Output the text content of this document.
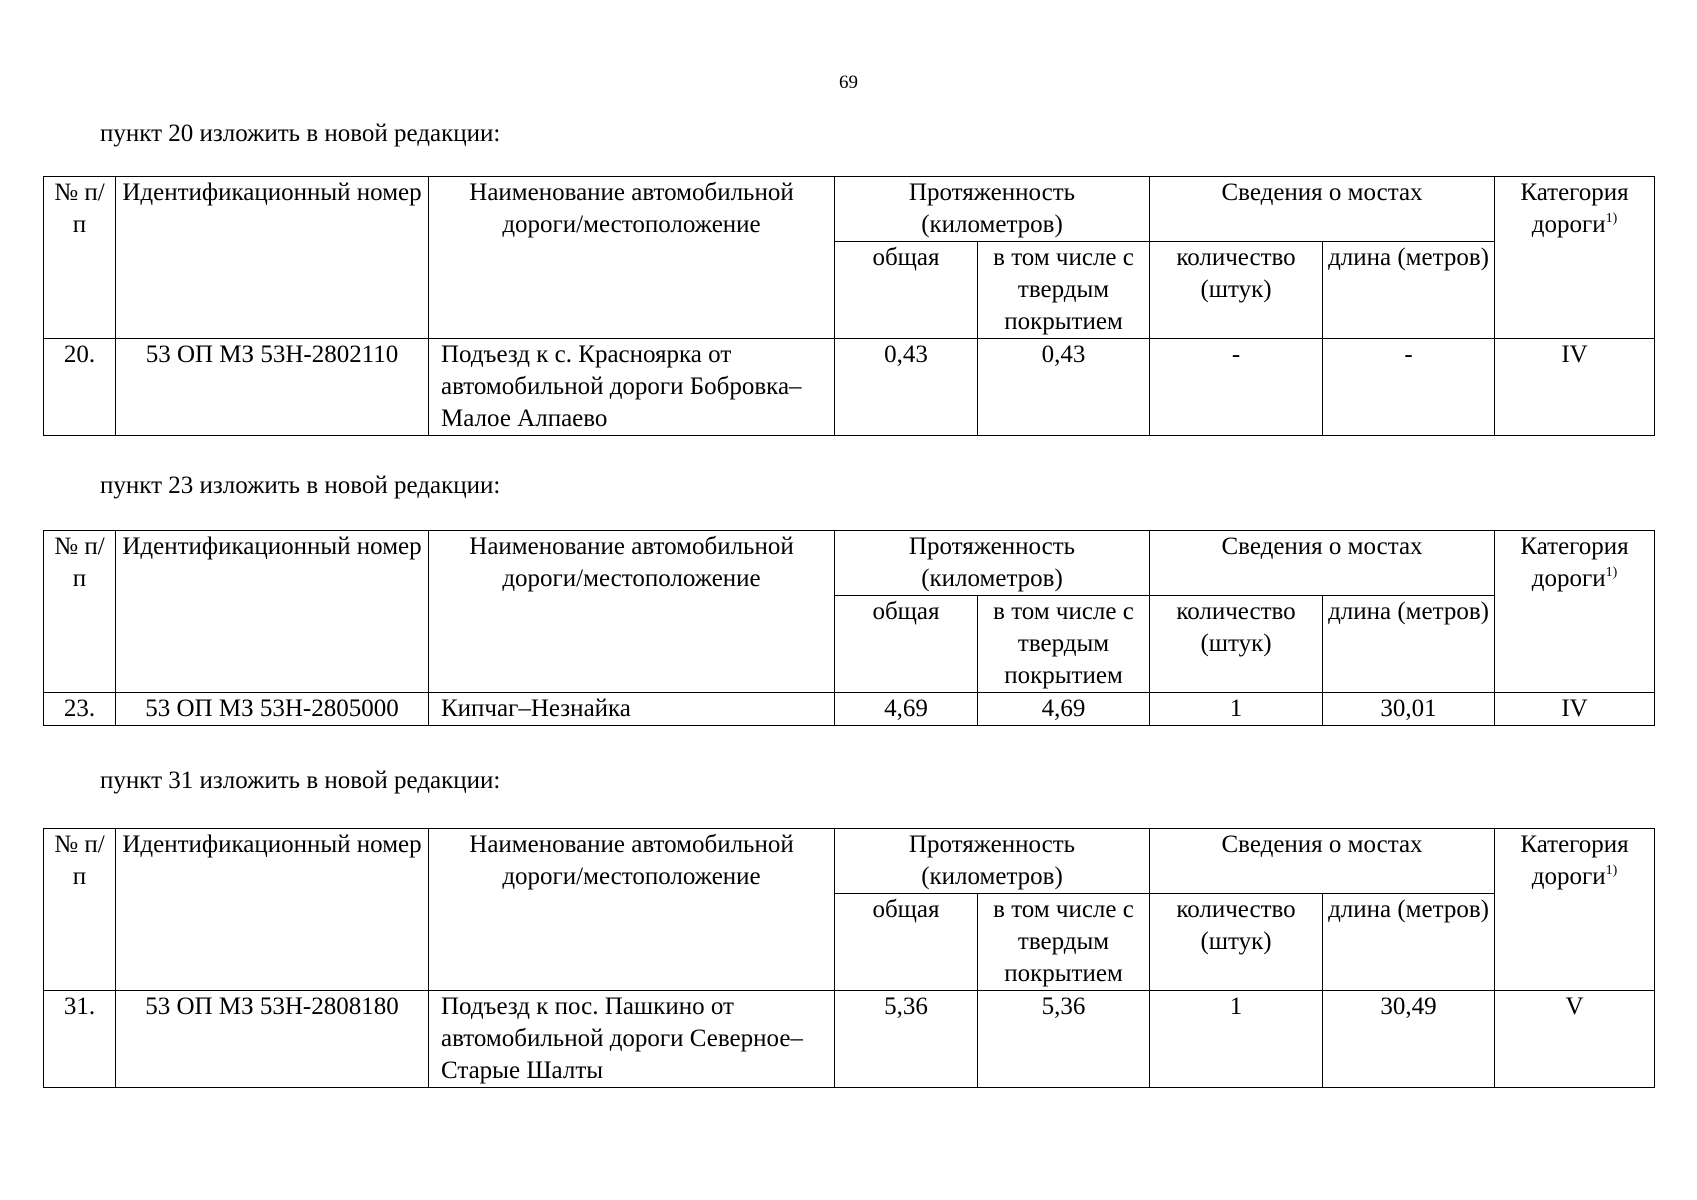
69
пункт 20 изложить в новой редакции:
№ п/п	Идентификационный номер	Наименование автомобильной дороги/местоположение	Протяженность (километров)		Сведения о мостах		Категория дороги$^{1)}$
			общая	в том числе с твердым покрытием	количество (штук)	длина (метров)	
20.	53 ОП МЗ 53Н-2802110	Подъезд к с. Красноярка от автомобильной дороги Бобровка–Малое Алпаево	0,43	0,43	-	-	IV
пункт 23 изложить в новой редакции:
№ п/п	Идентификационный номер	Наименование автомобильной дороги/местоположение	Протяженность (километров)		Сведения о мостах		Категория дороги$^{1)}$
			общая	в том числе с твердым покрытием	количество (штук)	длина (метров)	
23.	53 ОП МЗ 53Н-2805000	Кипчаг–Незнайка	4,69	4,69	1	30,01	IV
пункт 31 изложить в новой редакции:
№ п/п	Идентификационный номер	Наименование автомобильной дороги/местоположение	Протяженность (километров)		Сведения о мостах		Категория дороги$^{1)}$
			общая	в том числе с твердым покрытием	количество (штук)	длина (метров)	
31.	53 ОП МЗ 53Н-2808180	Подъезд к пос. Пашкино от автомобильной дороги Северное–Старые Шалты	5,36	5,36	1	30,49	V
